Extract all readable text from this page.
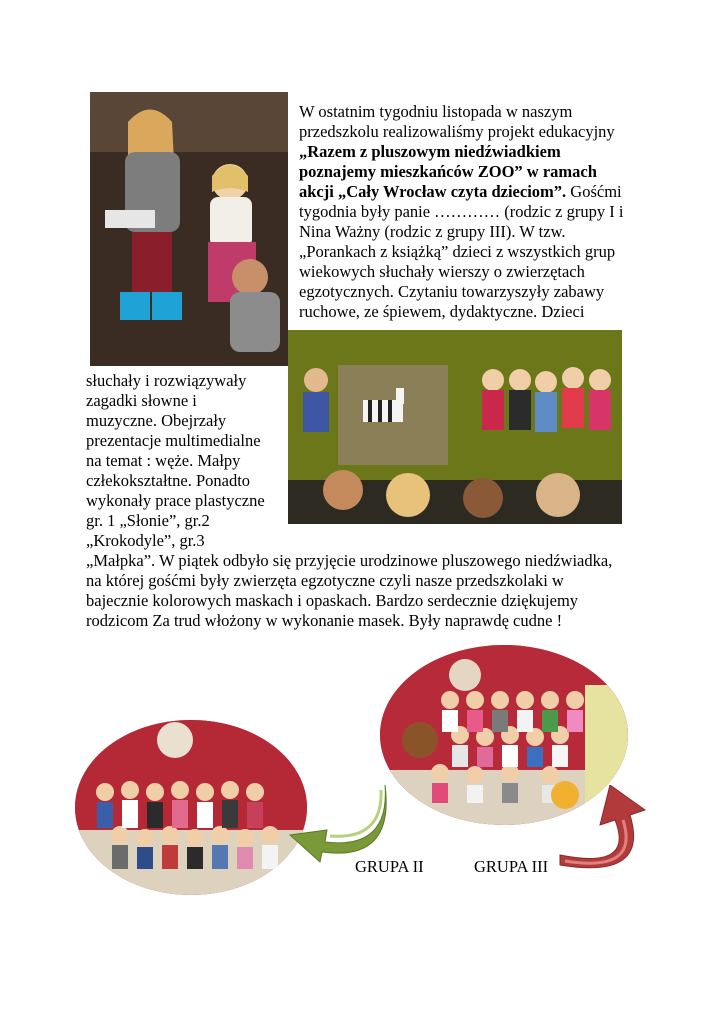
W ostatnim tygodniu listopada w naszym
przedszkolu realizowaliśmy projekt edukacyjny
„Razem z pluszowym niedźwiadkiem
poznajemy mieszkańców ZOO” w ramach
akcji „Cały Wrocław czyta dzieciom”. Gośćmi
tygodnia były panie ………… (rodzic z grupy I i
Nina Ważny (rodzic z grupy III). W tzw.
„Porankach z książką” dzieci z wszystkich grup
wiekowych słuchały wierszy o zwierzętach
egzotycznych. Czytaniu towarzyszyły zabawy
ruchowe, ze śpiewem, dydaktyczne. Dzieci
słuchały i rozwiązywały
zagadki słowne i
muzyczne. Obejrzały
prezentacje multimedialne
na temat : węże. Małpy
człekokształtne. Ponadto
wykonały prace plastyczne
gr. 1 „Słonie”, gr.2
„Krokodyle”, gr.3
„Małpka”. W piątek odbyło się przyjęcie urodzinowe pluszowego niedźwiadka,
na której gośćmi były zwierzęta egzotyczne czyli nasze przedszkolaki w
bajecznie kolorowych maskach i opaskach. Bardzo serdecznie dziękujemy
rodzicom Za trud włożony w wykonanie masek. Były naprawdę cudne !
GRUPA II	GRUPA III
